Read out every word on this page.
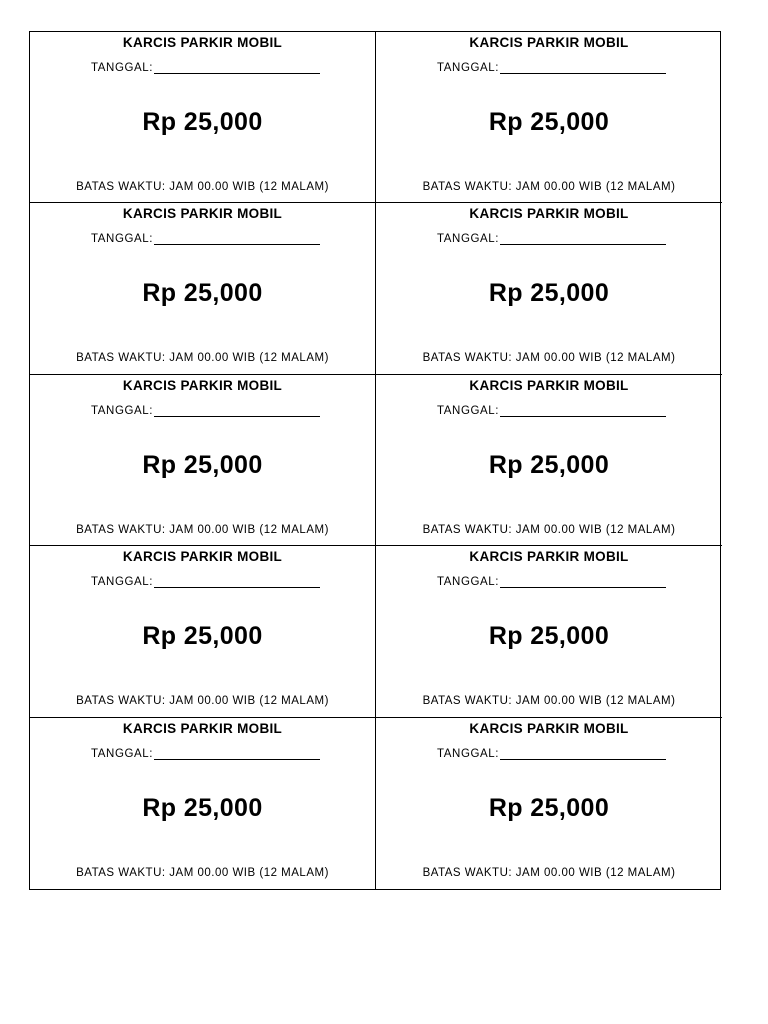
KARCIS PARKIR MOBIL
TANGGAL:
Rp 25,000
BATAS WAKTU: JAM 00.00 WIB (12 MALAM)
KARCIS PARKIR MOBIL
TANGGAL:
Rp 25,000
BATAS WAKTU: JAM 00.00 WIB (12 MALAM)
KARCIS PARKIR MOBIL
TANGGAL:
Rp 25,000
BATAS WAKTU: JAM 00.00 WIB (12 MALAM)
KARCIS PARKIR MOBIL
TANGGAL:
Rp 25,000
BATAS WAKTU: JAM 00.00 WIB (12 MALAM)
KARCIS PARKIR MOBIL
TANGGAL:
Rp 25,000
BATAS WAKTU: JAM 00.00 WIB (12 MALAM)
KARCIS PARKIR MOBIL
TANGGAL:
Rp 25,000
BATAS WAKTU: JAM 00.00 WIB (12 MALAM)
KARCIS PARKIR MOBIL
TANGGAL:
Rp 25,000
BATAS WAKTU: JAM 00.00 WIB (12 MALAM)
KARCIS PARKIR MOBIL
TANGGAL:
Rp 25,000
BATAS WAKTU: JAM 00.00 WIB (12 MALAM)
KARCIS PARKIR MOBIL
TANGGAL:
Rp 25,000
BATAS WAKTU: JAM 00.00 WIB (12 MALAM)
KARCIS PARKIR MOBIL
TANGGAL:
Rp 25,000
BATAS WAKTU: JAM 00.00 WIB (12 MALAM)
